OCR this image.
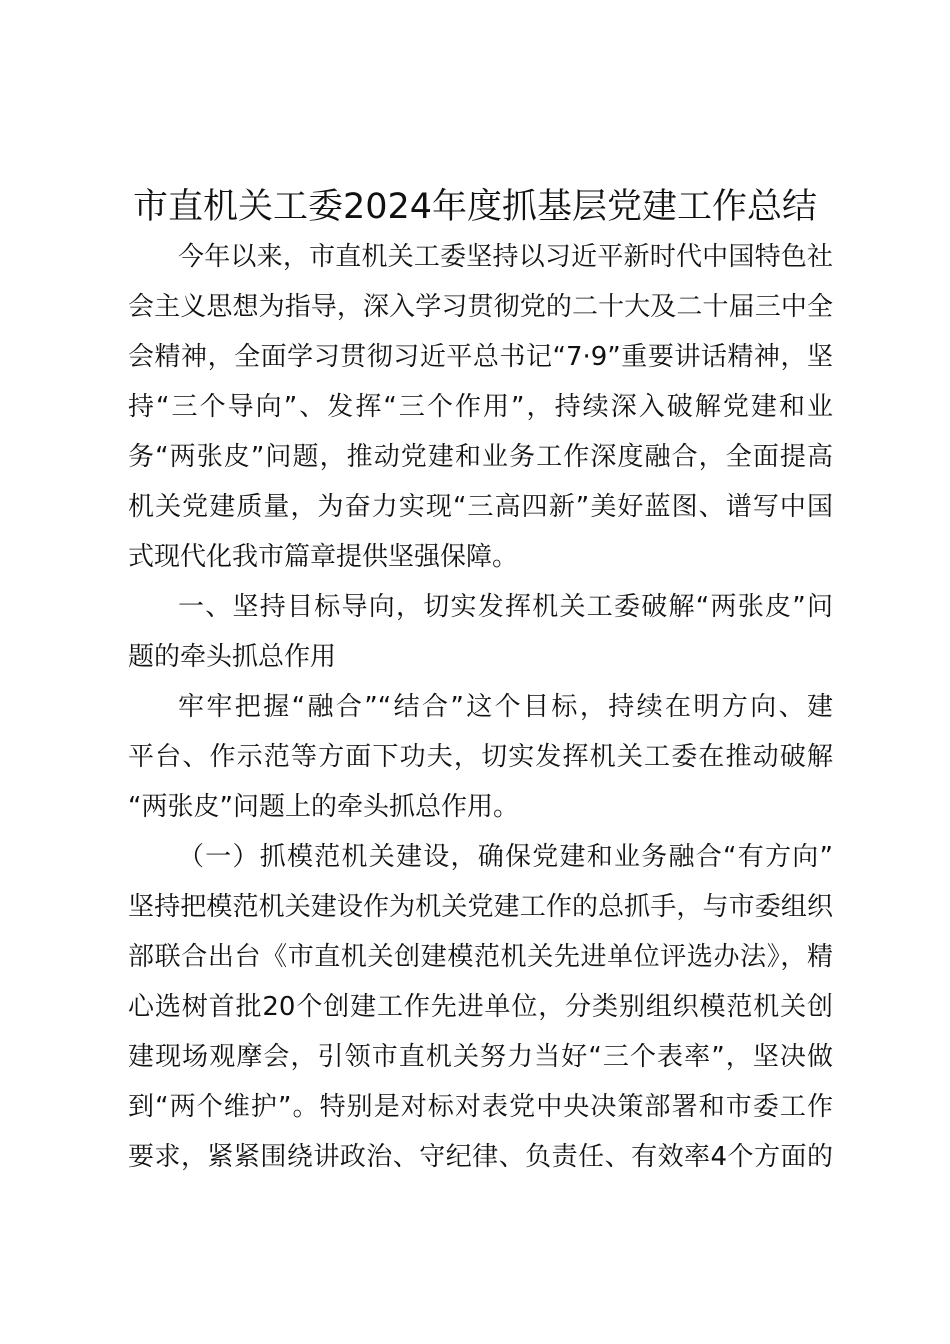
市直机关工委2024年度抓基层党建工作总结
今年以来，市直机关工委坚持以习近平新时代中国特色社
会主义思想为指导，深入学习贯彻党的二十大及二十届三中全
会精神，全面学习贯彻习近平总书记“7·9”重要讲话精神，坚
持“三个导向”、发挥“三个作用”，持续深入破解党建和业
务“两张皮”问题，推动党建和业务工作深度融合，全面提高
机关党建质量，为奋力实现“三高四新”美好蓝图、谱写中国
式现代化我市篇章提供坚强保障。
一、坚持目标导向，切实发挥机关工委破解“两张皮”问
题的牵头抓总作用
牢牢把握“融合”“结合”这个目标，持续在明方向、建
平台、作示范等方面下功夫，切实发挥机关工委在推动破解
“两张皮”问题上的牵头抓总作用。
（一）抓模范机关建设，确保党建和业务融合“有方向”
坚持把模范机关建设作为机关党建工作的总抓手，与市委组织
部联合出台《市直机关创建模范机关先进单位评选办法》，精
心选树首批20个创建工作先进单位，分类别组织模范机关创
建现场观摩会，引领市直机关努力当好“三个表率”，坚决做
到“两个维护”。特别是对标对表党中央决策部署和市委工作
要求，紧紧围绕讲政治、守纪律、负责任、有效率4个方面的
